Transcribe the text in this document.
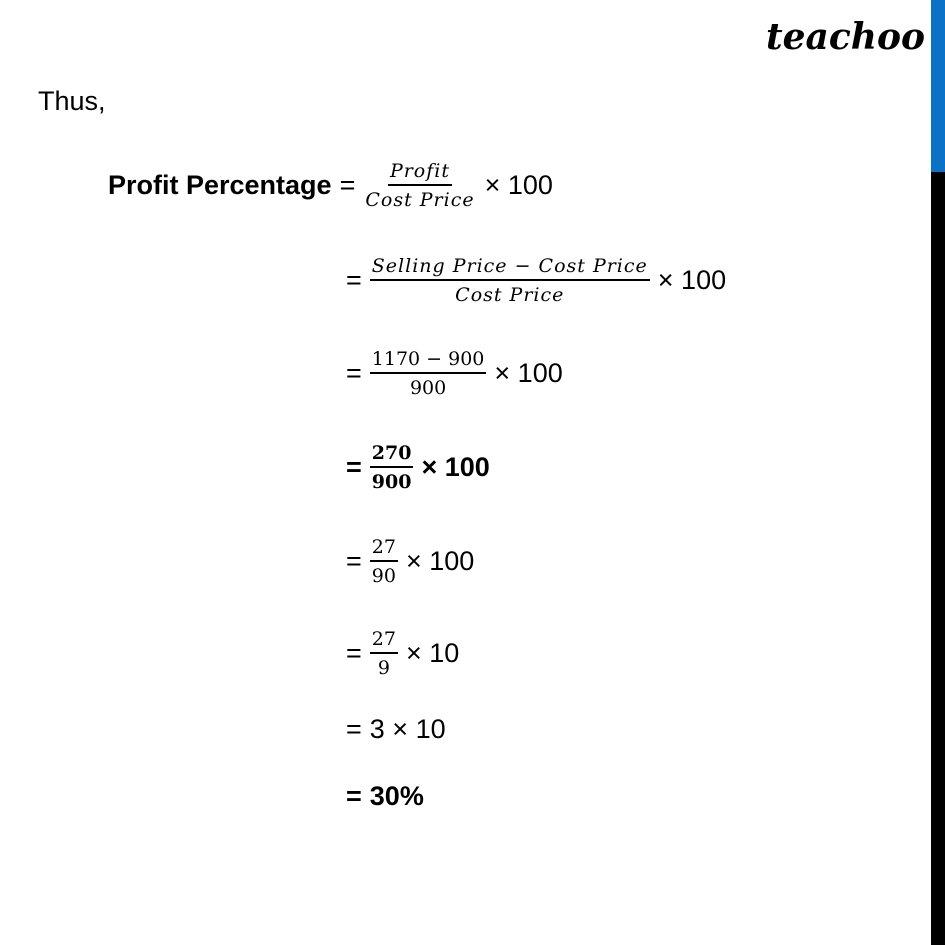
teachoo
Thus,
Profit Percentage = $\frac{\text{Profit}}{\text{Cost Price}} \times 100$
= $\frac{\text{Selling Price − Cost Price}}{\text{Cost Price}} \times 100$
= $\frac{1170 - 900}{900} \times 100$
= $\frac{270}{900} \times 100$
= $\frac{27}{90} \times 100$
= $\frac{27}{9} \times 10$
= 3 × 10
= 30%
